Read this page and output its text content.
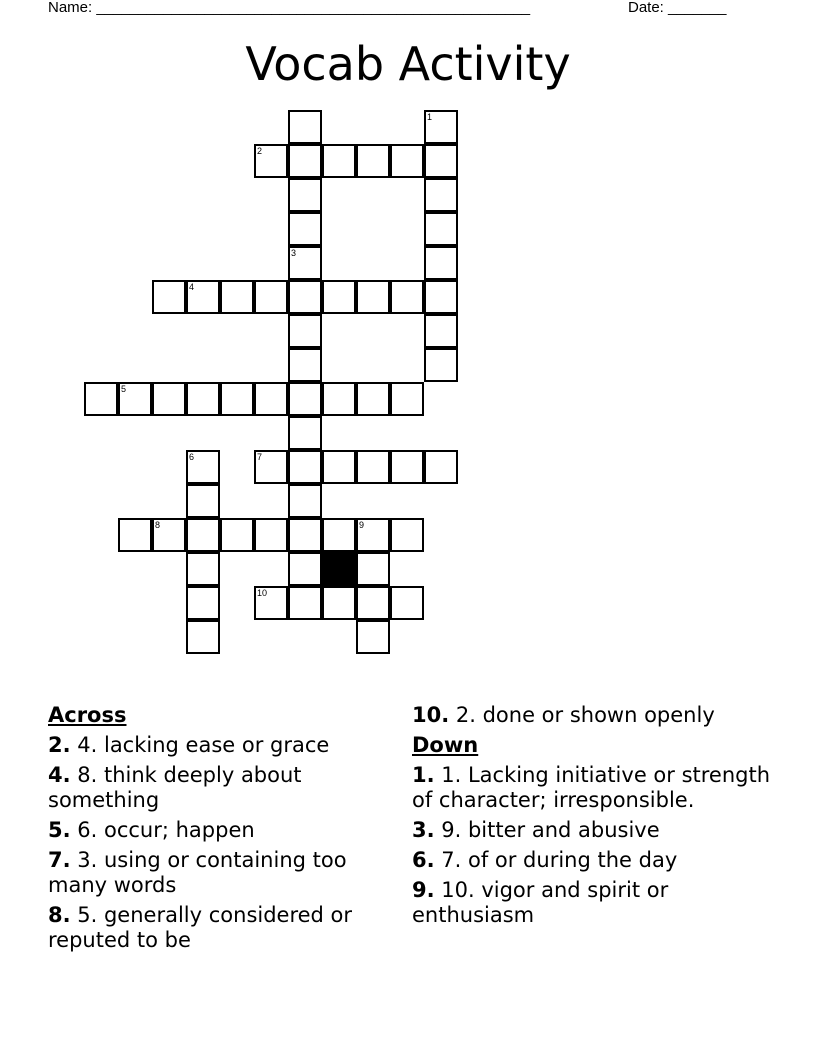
Name: ____________________________________________________	Date: _______
Vocab Activity
1
2
3
4
5
6	7
8	9
10
Across
2. 4. lacking ease or grace
4. 8. think deeply about something
5. 6. occur; happen
7. 3. using or containing too many words
8. 5. generally considered or reputed to be
10. 2. done or shown openly
Down
1. 1. Lacking initiative or strength of character; irresponsible.
3. 9. bitter and abusive
6. 7. of or during the day
9. 10. vigor and spirit or enthusiasm
